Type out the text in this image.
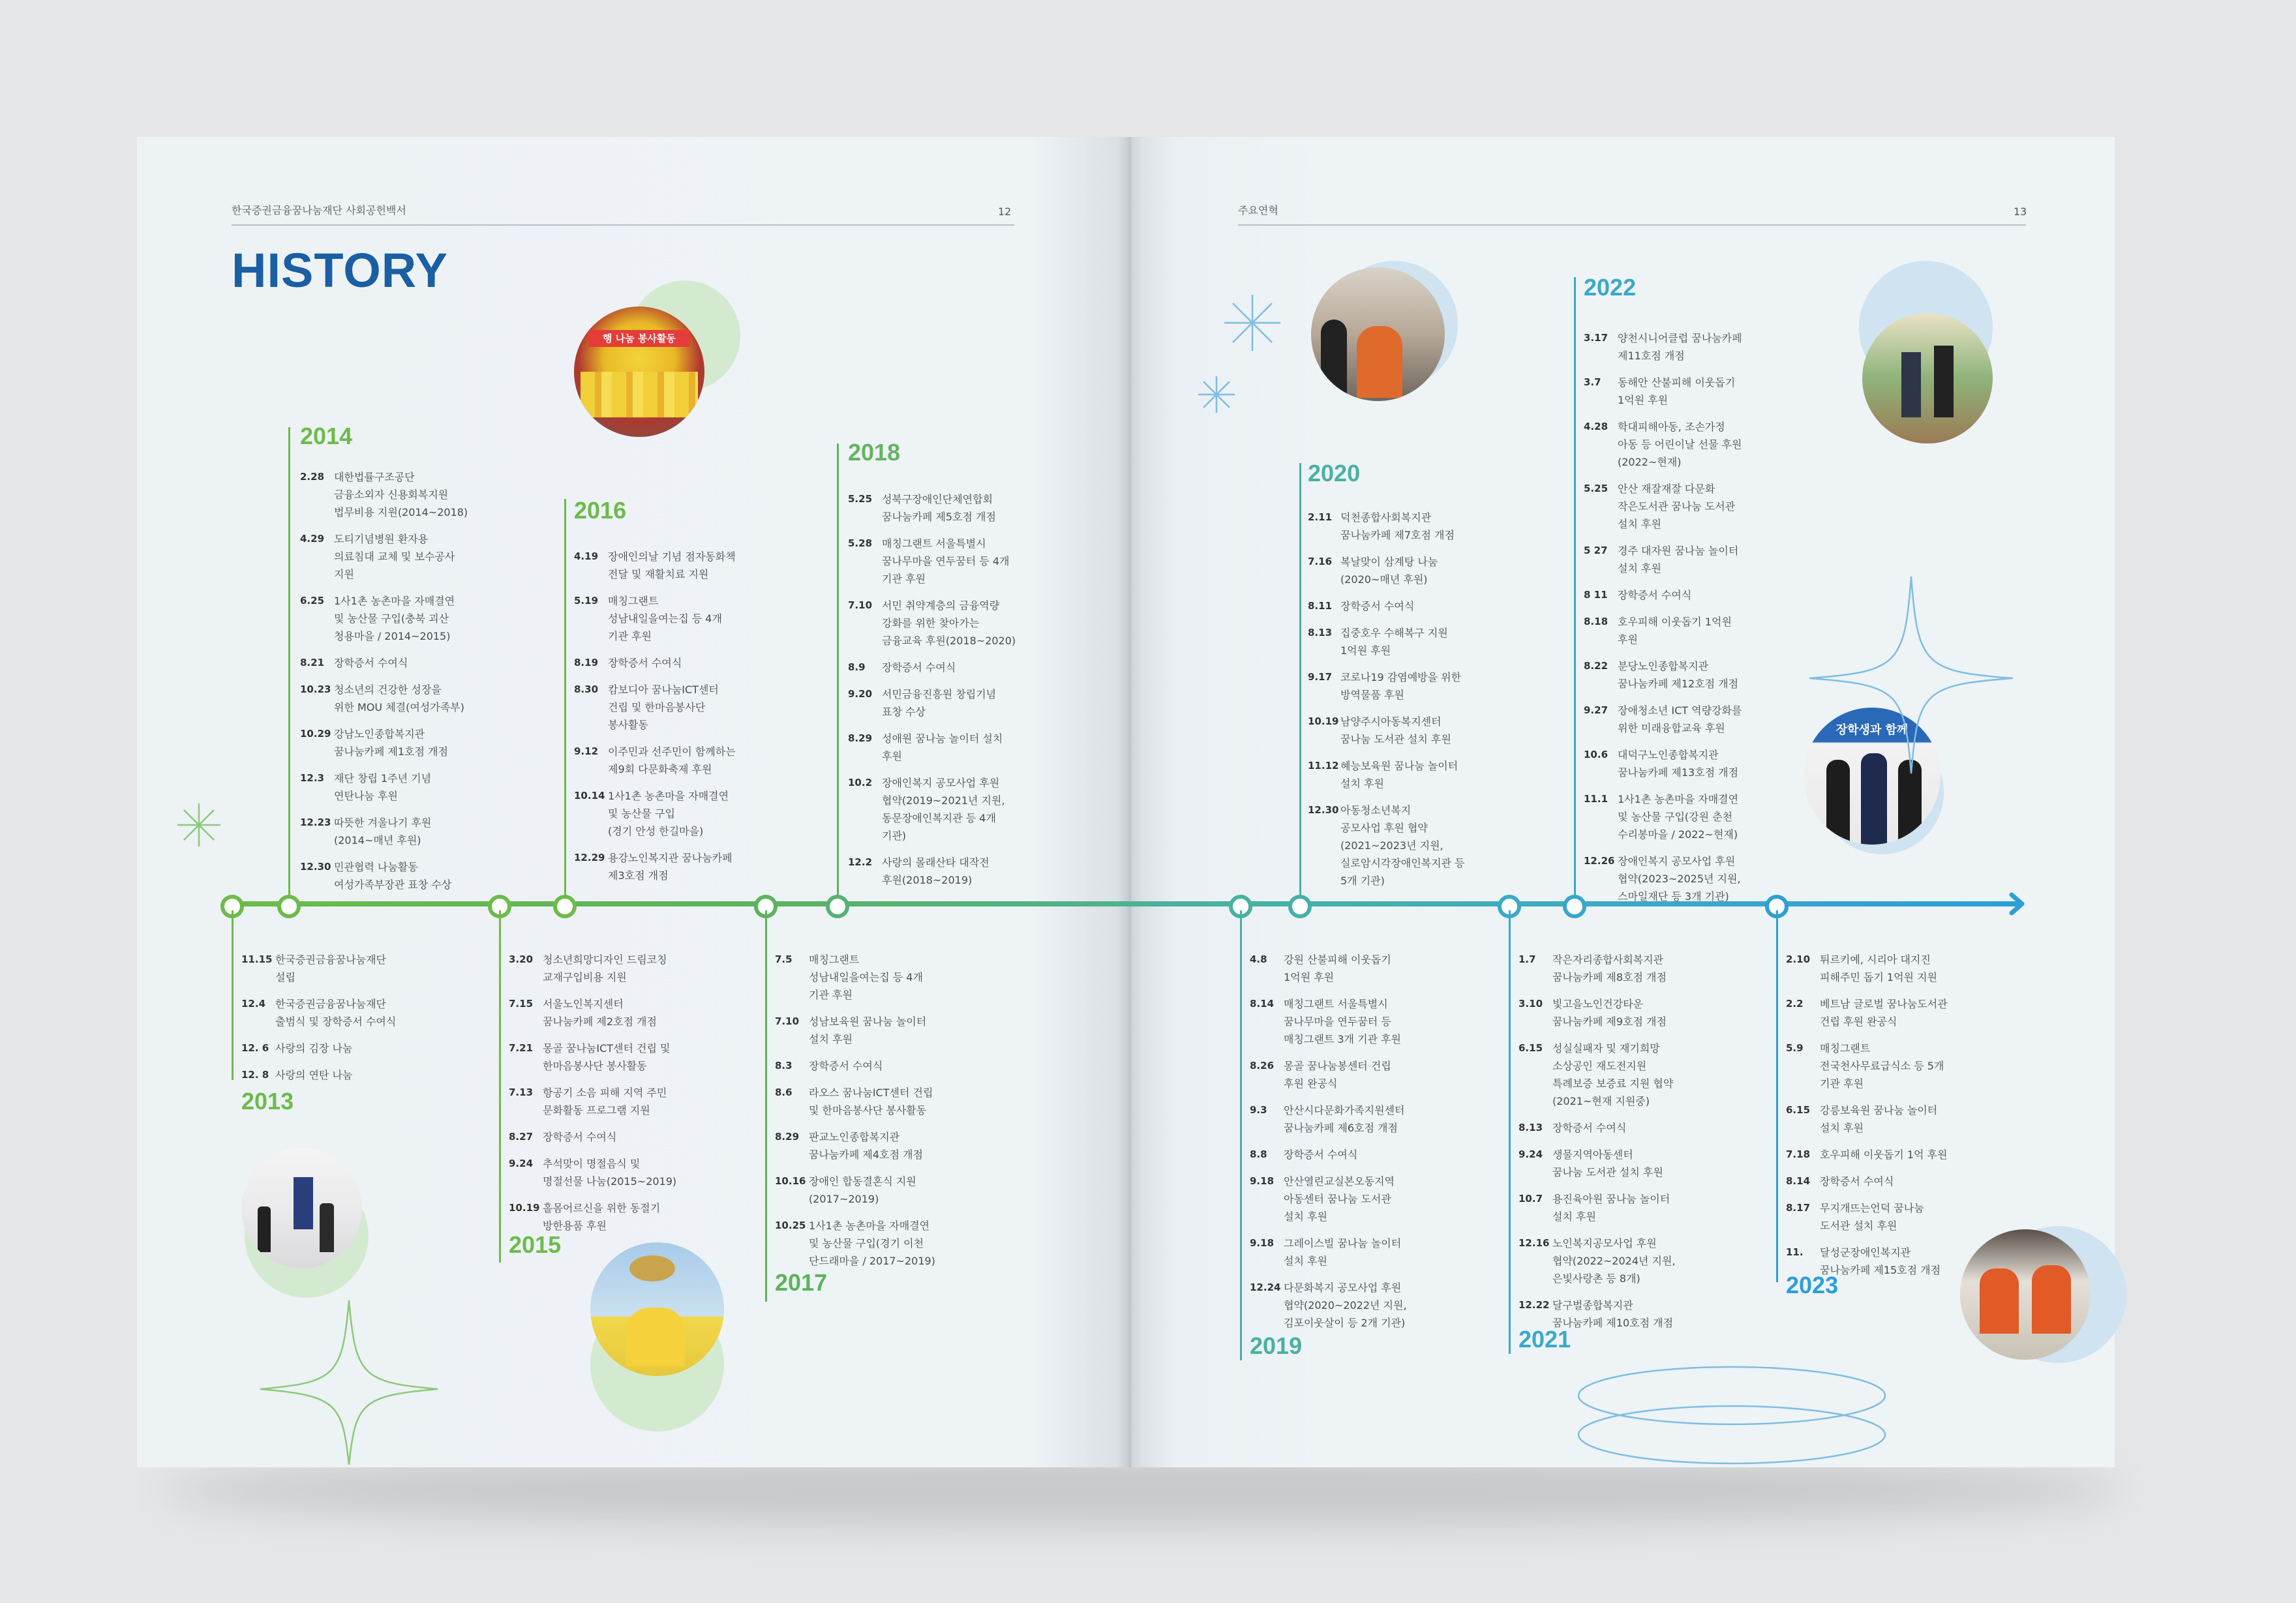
한국증권금융꿈나눔재단 사회공헌백서	12	주요연혁	13
HISTORY
행 나눔 봉사활동
장학생과 함께
2014
2016
2018
2020
2022
2013
2015
2017
2019	2021
2023
2.28 대한법률구조공단
금융소외자 신용회복지원
법무비용 지원(2014~2018)
4.29 도티기념병원 환자용
의료침대 교체 및 보수공사
지원
6.25 1사1촌 농촌마을 자매결연
및 농산물 구입(충북 괴산
청용마을 / 2014~2015)
8.21 장학증서 수여식
10.23 청소년의 건강한 성장을
위한 MOU 체결(여성가족부)
10.29 강남노인종합복지관
꿈나눔카페 제1호점 개점
12.3 재단 창립 1주년 기념
연탄나눔 후원
12.23 따뜻한 겨울나기 후원
(2014~매년 후원)
12.30 민관협력 나눔활동
여성가족부장관 표창 수상
4.19 장애인의날 기념 점자동화책
전달 및 재활치료 지원
5.19 매칭그랜트
성남내일을여는집 등 4개
기관 후원
8.19 장학증서 수여식
8.30 캄보디아 꿈나눔ICT센터
건립 및 한마음봉사단
봉사활동
9.12 이주민과 선주민이 함께하는
제9회 다문화축제 후원
10.14 1사1촌 농촌마을 자매결연
및 농산물 구입
(경기 안성 한길마을)
12.29 용강노인복지관 꿈나눔카페
제3호점 개점
5.25 성북구장애인단체연합회
꿈나눔카페 제5호점 개점
5.28 매칭그랜트 서울특별시
꿈나무마을 연두꿈터 등 4개
기관 후원
7.10 서민 취약계층의 금융역량
강화를 위한 찾아가는
금융교육 후원(2018~2020)
8.9	장학증서 수여식
9.20 서민금융진흥원 창립기념
표창 수상
8.29 성애원 꿈나눔 놀이터 설치
후원
10.2 장애인복지 공모사업 후원
협약(2019~2021년 지원,
동문장애인복지관 등 4개
기관)
12.2 사랑의 몰래산타 대작전
후원(2018~2019)
2.11 덕천종합사회복지관
꿈나눔카페 제7호점 개점
7.16 복날맞이 삼계탕 나눔
(2020~매년 후원)
8.11 장학증서 수여식
8.13 집중호우 수해복구 지원
1억원 후원
9.17 코로나19 감염예방을 위한
방역물품 후원
10.19 남양주시아동복지센터
꿈나눔 도서관 설치 후원
11.12 혜능보육원 꿈나눔 놀이터
설치 후원
12.30 아동청소년복지
공모사업 후원 협약
(2021~2023년 지원,
실로암시각장애인복지관 등
5개 기관)
3.17 양천시니어클럽 꿈나눔카페
제11호점 개점
3.7	동해안 산불피해 이웃돕기
1억원 후원
4.28 학대피해아동, 조손가정
아동 등 어린이날 선물 후원
(2022~현재)
5.25 안산 재잘재잘 다문화
작은도서관 꿈나눔 도서관
설치 후원
5 27 경주 대자원 꿈나눔 놀이터
설치 후원
8 11 장학증서 수여식
8.18 호우피해 이웃돕기 1억원
후원
8.22 분당노인종합복지관
꿈나눔카페 제12호점 개점
9.27 장애청소년 ICT 역량강화를
위한 미래융합교육 후원
10.6 대덕구노인종합복지관
꿈나눔카페 제13호점 개점
11.1 1사1촌 농촌마을 자매결연
및 농산물 구입(강원 춘천
수리봉마을 / 2022~현재)
12.26 장애인복지 공모사업 후원
협약(2023~2025년 지원,
스마일재단 등 3개 기관)
11.15 한국증권금융꿈나눔재단
설립
12.4 한국증권금융꿈나눔재단
출범식 및 장학증서 수여식
12. 6 사랑의 김장 나눔
12. 8 사랑의 연탄 나눔
3.20 청소년희망디자인 드림코칭
교재구입비용 지원
7.15 서울노인복지센터
꿈나눔카페 제2호점 개점
7.21 몽골 꿈나눔ICT센터 건립 및
한마음봉사단 봉사활동
7.13 항공기 소음 피해 지역 주민
문화활동 프로그램 지원
8.27 장학증서 수여식
9.24 추석맞이 명절음식 및
명절선물 나눔(2015~2019)
10.19 홀몸어르신을 위한 동절기
방한용품 후원
7.5	매칭그랜트
성남내일을여는집 등 4개
기관 후원
7.10 성남보육원 꿈나눔 놀이터
설치 후원
8.3	장학증서 수여식
8.6	라오스 꿈나눔ICT센터 건립
및 한마음봉사단 봉사활동
8.29 판교노인종합복지관
꿈나눔카페 제4호점 개점
10.16 장애인 합동결혼식 지원
(2017~2019)
10.25 1사1촌 농촌마을 자매결연
및 농산물 구입(경기 이천
단드래마을 / 2017~2019)
4.8	강원 산불피해 이웃돕기
1억원 후원
8.14 매칭그랜트 서울특별시
꿈나무마을 연두꿈터 등
매칭그랜트 3개 기관 후원
8.26 몽골 꿈나눔봉센터 건립
후원 완공식
9.3	안산시다문화가족지원센터
꿈나눔카페 제6호점 개점
8.8	장학증서 수여식
9.18 안산열린교실본오동지역
아동센터 꿈나눔 도서관
설치 후원
9.18 그레이스빌 꿈나눔 놀이터
설치 후원
12.24 다문화복지 공모사업 후원
협약(2020~2022년 지원,
김포이웃살이 등 2개 기관)
1.7	작은자리종합사회복지관
꿈나눔카페 제8호점 개점
3.10 빛고을노인건강타운
꿈나눔카페 제9호점 개점
6.15 성실실패자 및 재기희망
소상공인 재도전지원
특례보증 보증료 지원 협약
(2021~현재 지원중)
8.13 장학증서 수여식
9.24 생물지역아동센터
꿈나눔 도서관 설치 후원
10.7 용진육아원 꿈나눔 놀이터
설치 후원
12.16 노인복지공모사업 후원
협약(2022~2024년 지원,
은빛사랑촌 등 8개)
12.22 달구벌종합복지관
꿈나눔카페 제10호점 개점
2.10 튀르키예, 시리아 대지진
피해주민 돕기 1억원 지원
2.2	베트남 글로벌 꿈나눔도서관
건립 후원 완공식
5.9	매칭그랜트
전국천사무료급식소 등 5개
기관 후원
6.15 강릉보육원 꿈나눔 놀이터
설치 후원
7.18 호우피해 이웃돕기 1억 후원
8.14 장학증서 수여식
8.17 무지개뜨는언덕 꿈나눔
도서관 설치 후원
11.	달성군장애인복지관
꿈나눔카페 제15호점 개점
